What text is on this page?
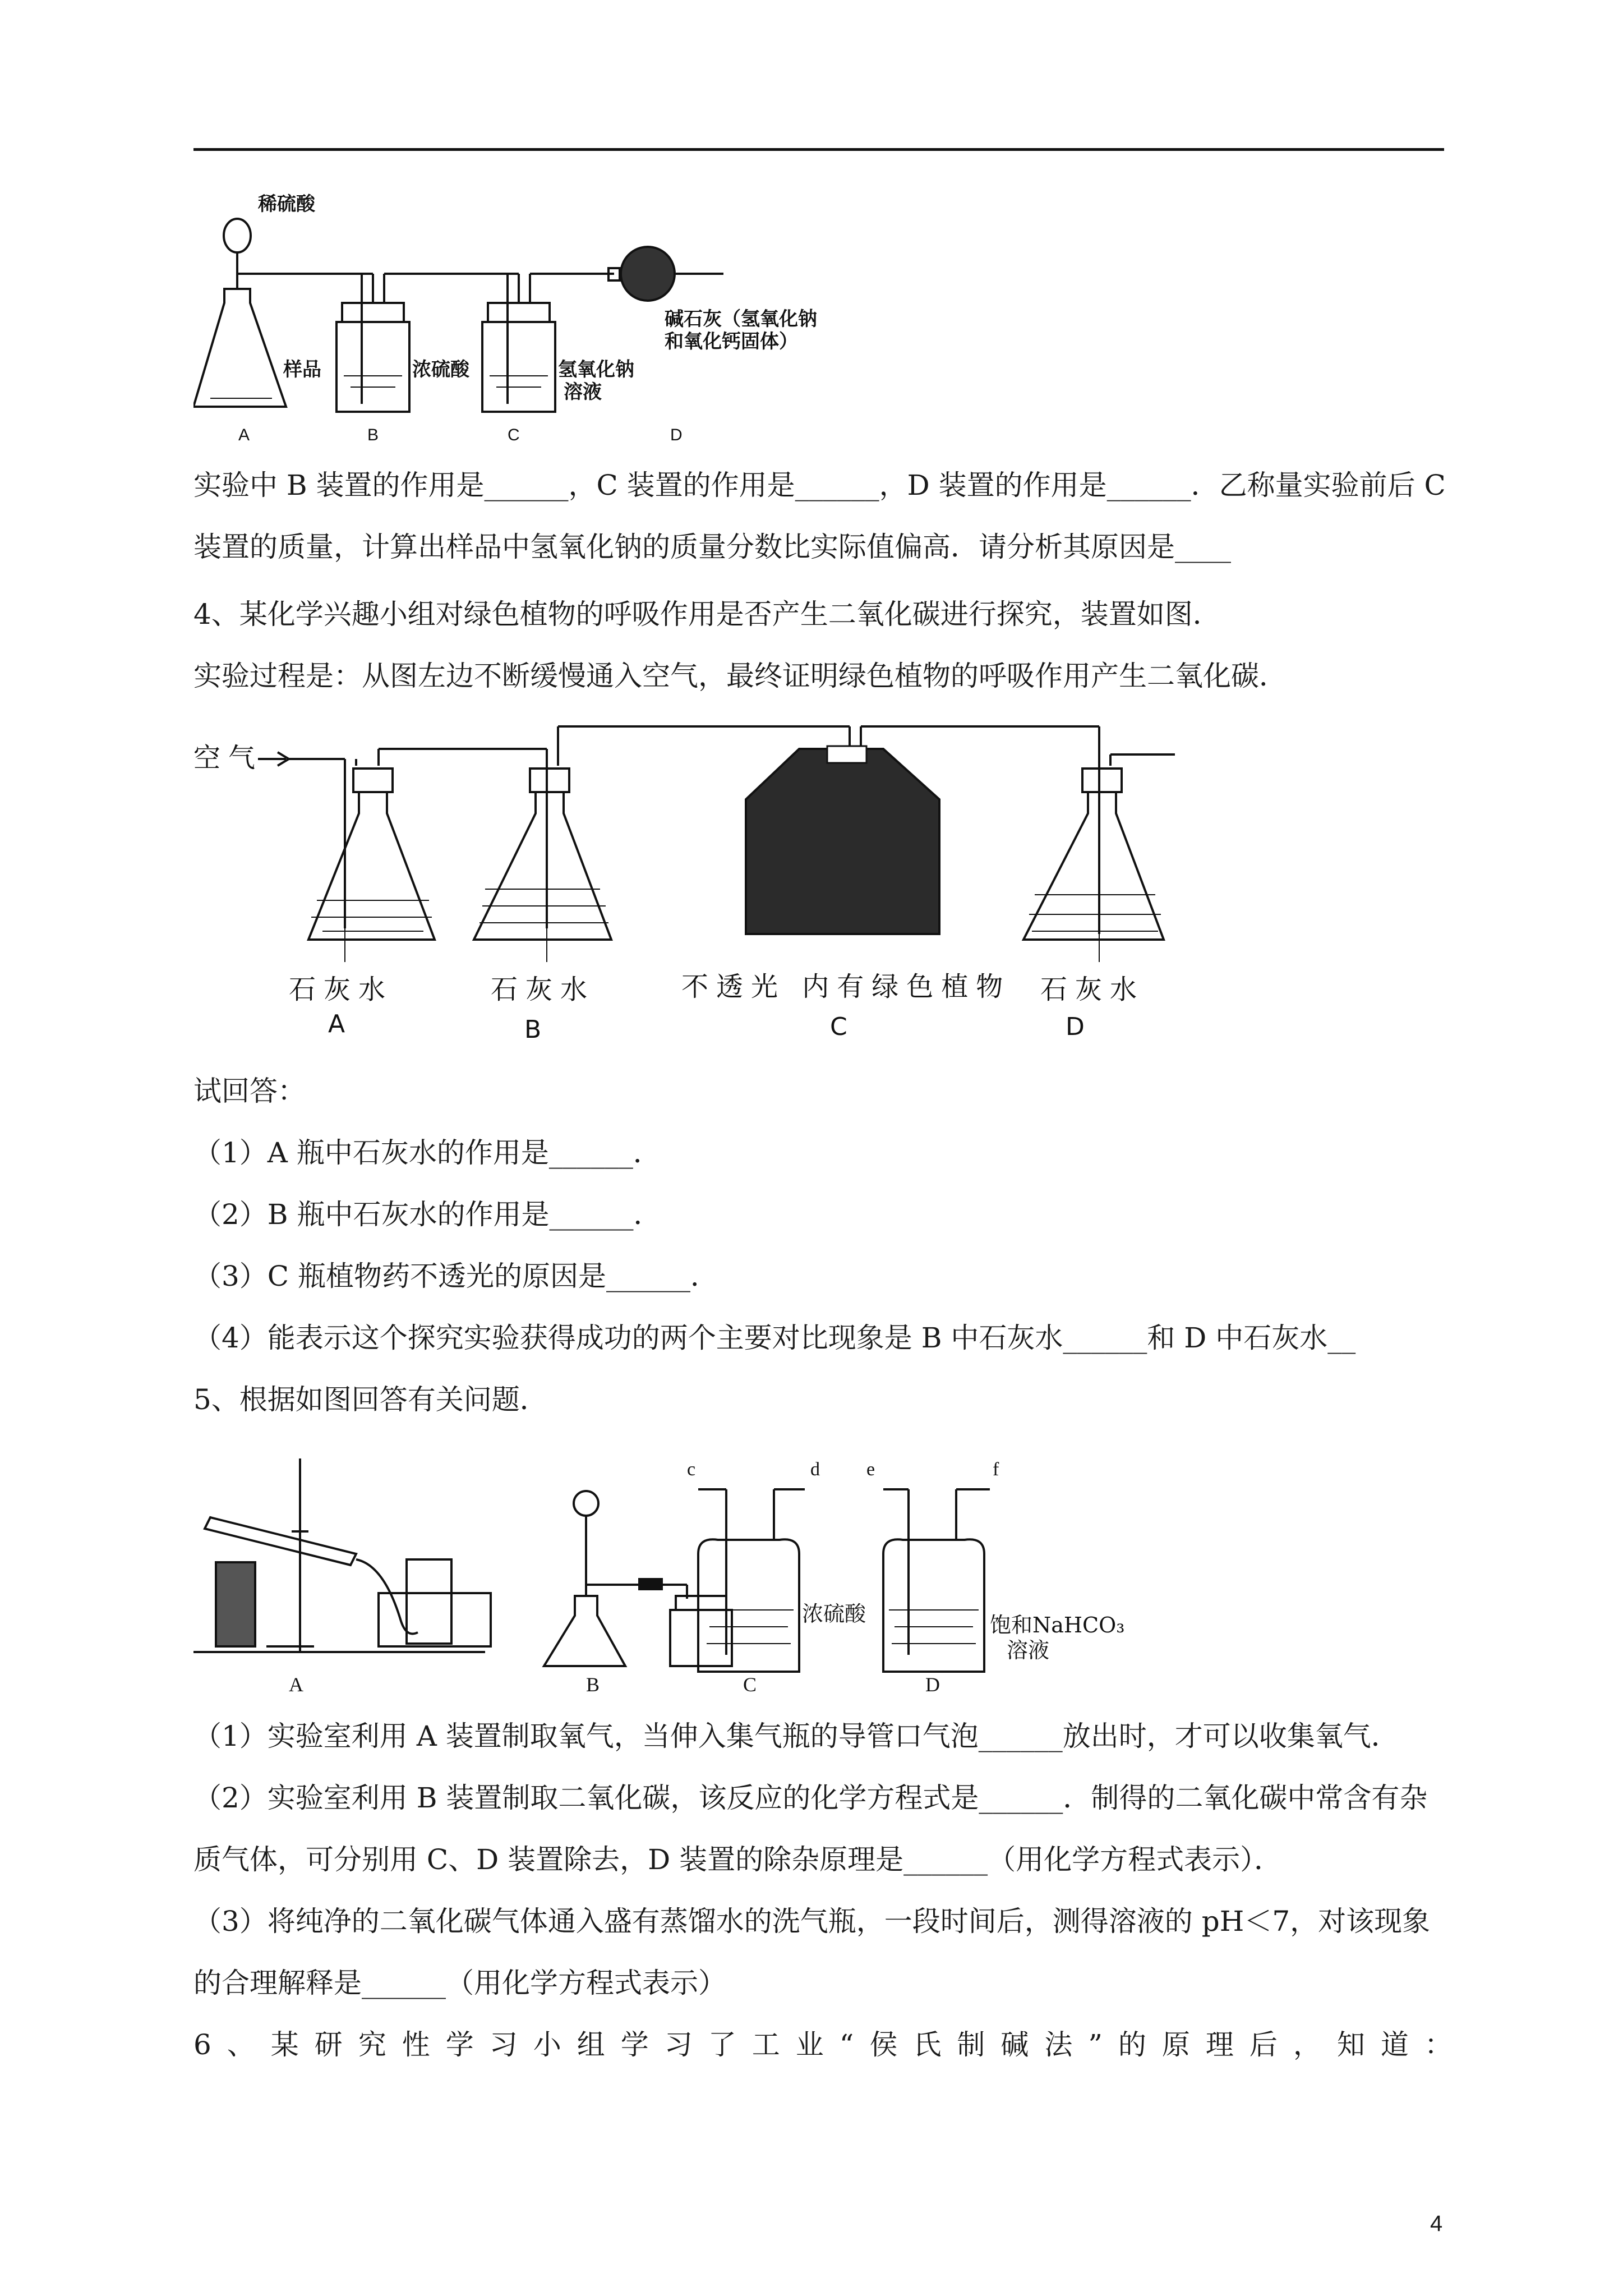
稀硫酸
样品	浓硫酸	氢氧化钠
溶液
碱石灰（氢氧化钠
和氧化钙固体）
A	B	C	D
实验中 B 装置的作用是______，C 装置的作用是______，D 装置的作用是______．乙称量实验前后 C
装置的质量，计算出样品中氢氧化钠的质量分数比实际值偏高．请分析其原因是____
4、某化学兴趣小组对绿色植物的呼吸作用是否产生二氧化碳进行探究，装置如图．
实验过程是：从图左边不断缓慢通入空气，最终证明绿色植物的呼吸作用产生二氧化碳．
空气
石灰水	石灰水	不透光 内有绿色植物 石灰水
A	B	C	D
试回答：
（1）A 瓶中石灰水的作用是______．
（2）B 瓶中石灰水的作用是______．
（3）C 瓶植物药不透光的原因是______．
（4）能表示这个探究实验获得成功的两个主要对比现象是 B 中石灰水______和 D 中石灰水__
5、根据如图回答有关问题．
c	d e	f
浓硫酸	饱和NaHCO₃
溶液
A	B	C	D
（1）实验室利用 A 装置制取氧气，当伸入集气瓶的导管口气泡______放出时，才可以收集氧气．
（2）实验室利用 B 装置制取二氧化碳，该反应的化学方程式是______．制得的二氧化碳中常含有杂
质气体，可分别用 C、D 装置除去，D 装置的除杂原理是______（用化学方程式表示）．
（3）将纯净的二氧化碳气体通入盛有蒸馏水的洗气瓶，一段时间后，测得溶液的 pH＜7，对该现象
的合理解释是______（用化学方程式表示）
6、某研究性学习小组学习了工业“侯氏制碱法”的原理后，知道：
4
